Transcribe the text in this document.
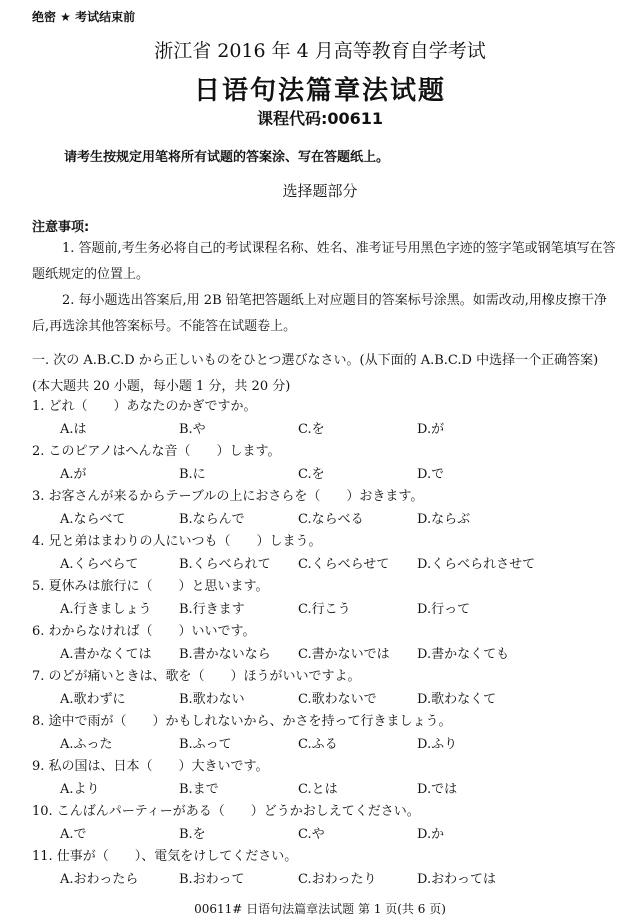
绝密 ★ 考试结束前
浙江省 2016 年 4 月高等教育自学考试
日语句法篇章法试题
课程代码:00611
请考生按规定用笔将所有试题的答案涂、写在答题纸上。
选择题部分
注意事项:
1. 答题前,考生务必将自己的考试课程名称、姓名、准考证号用黑色字迹的签字笔或钢笔填写在答题纸规定的位置上。
2. 每小题选出答案后,用 2B 铅笔把答题纸上对应题目的答案标号涂黑。如需改动,用橡皮擦干净后,再选涂其他答案标号。不能答在试题卷上。
一. 次の A.B.C.D から正しいものをひとつ選びなさい。(从下面的 A.B.C.D 中选择一个正确答案)(本大题共 20 小题，每小题 1 分，共 20 分)
1. どれ（　　）あなたのかぎですか。
A.は	B.や	C.を	D.が
2. このピアノはへんな音（　　）します。
A.が	B.に	C.を	D.で
3. お客さんが来るからテーブルの上におさらを（　　）おきます。
A.ならべて	B.ならんで	C.ならべる	D.ならぶ
4. 兄と弟はまわりの人にいつも（　　）しまう。
A.くらべらて	B.くらべられて	C.くらべらせて	D.くらべられさせて
5. 夏休みは旅行に（　　）と思います。
A.行きましょう	B.行きます	C.行こう	D.行って
6. わからなければ（　　）いいです。
A.書かなくては	B.書かないなら	C.書かないでは	D.書かなくても
7. のどが痛いときは、歌を（　　）ほうがいいですよ。
A.歌わずに	B.歌わない	C.歌わないで	D.歌わなくて
8. 途中で雨が（　　）かもしれないから、かさを持って行きましょう。
A.ふった	B.ふって	C.ふる	D.ふり
9. 私の国は、日本（　　）大きいです。
A.より	B.まで	C.とは	D.では
10. こんばんパーティーがある（　　）どうかおしえてください。
A.で	B.を	C.や	D.か
11. 仕事が（　　）、電気をけしてください。
A.おわったら	B.おわって	C.おわったり	D.おわっては
00611# 日语句法篇章法试题 第 1 页(共 6 页)
